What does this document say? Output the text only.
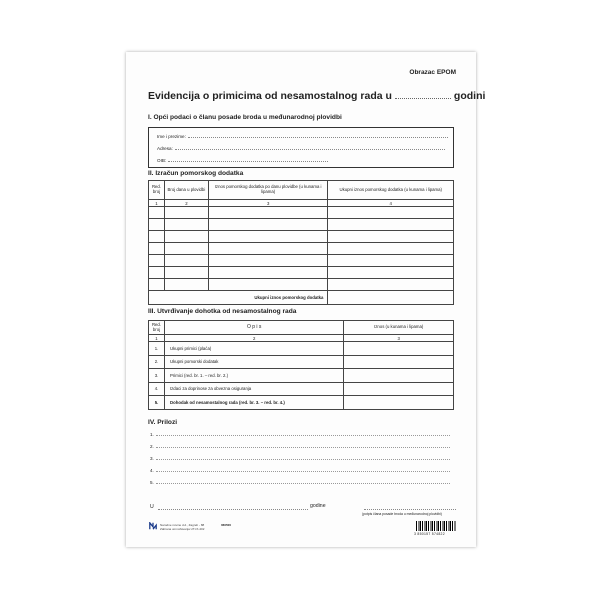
Obrazac EPOM
Evidencija o primicima od nesamostalnog rada u	godini
I. Opći podaci o članu posade broda u međunarodnoj plovidbi
Ime i prezime:
Adresa:
OIB:
II. Izračun pomorskog dodatka
Red. broj	Broj dana u plovidbi	Iznos pomorskog dodatka po danu plovidbe (u kunama i lipama)	Ukupni iznos pomorskog dodatka (u kunama i lipama)
1	2	3	4

Ukupni iznos pomorskog dodatka			
III. Utvrđivanje dohotka od nesamostalnog rada
Red. broj	O p i s	Iznos (u kunama i lipama)
1	2	3
1.	Ukupni primici (plaća)	
2.	Ukupni pomorski dodatak	
3.	Primici (red. br. 1. – red. br. 2.)	
4.	Izdaci za doprinose za obvezna osiguranja	
5.	Dohodak od nesamostalnog rada (red. br. 3. – red. br. 4.)	
IV. Prilozi
1.
2.
3.
4.
5.
U	godine
(potpis člana posade broda u međunarodnoj plovidbi)
Narodne novine d.d., Zagreb - 88
Zabrana umnožavanja UT-IX-402
060500
3 850157 574822
